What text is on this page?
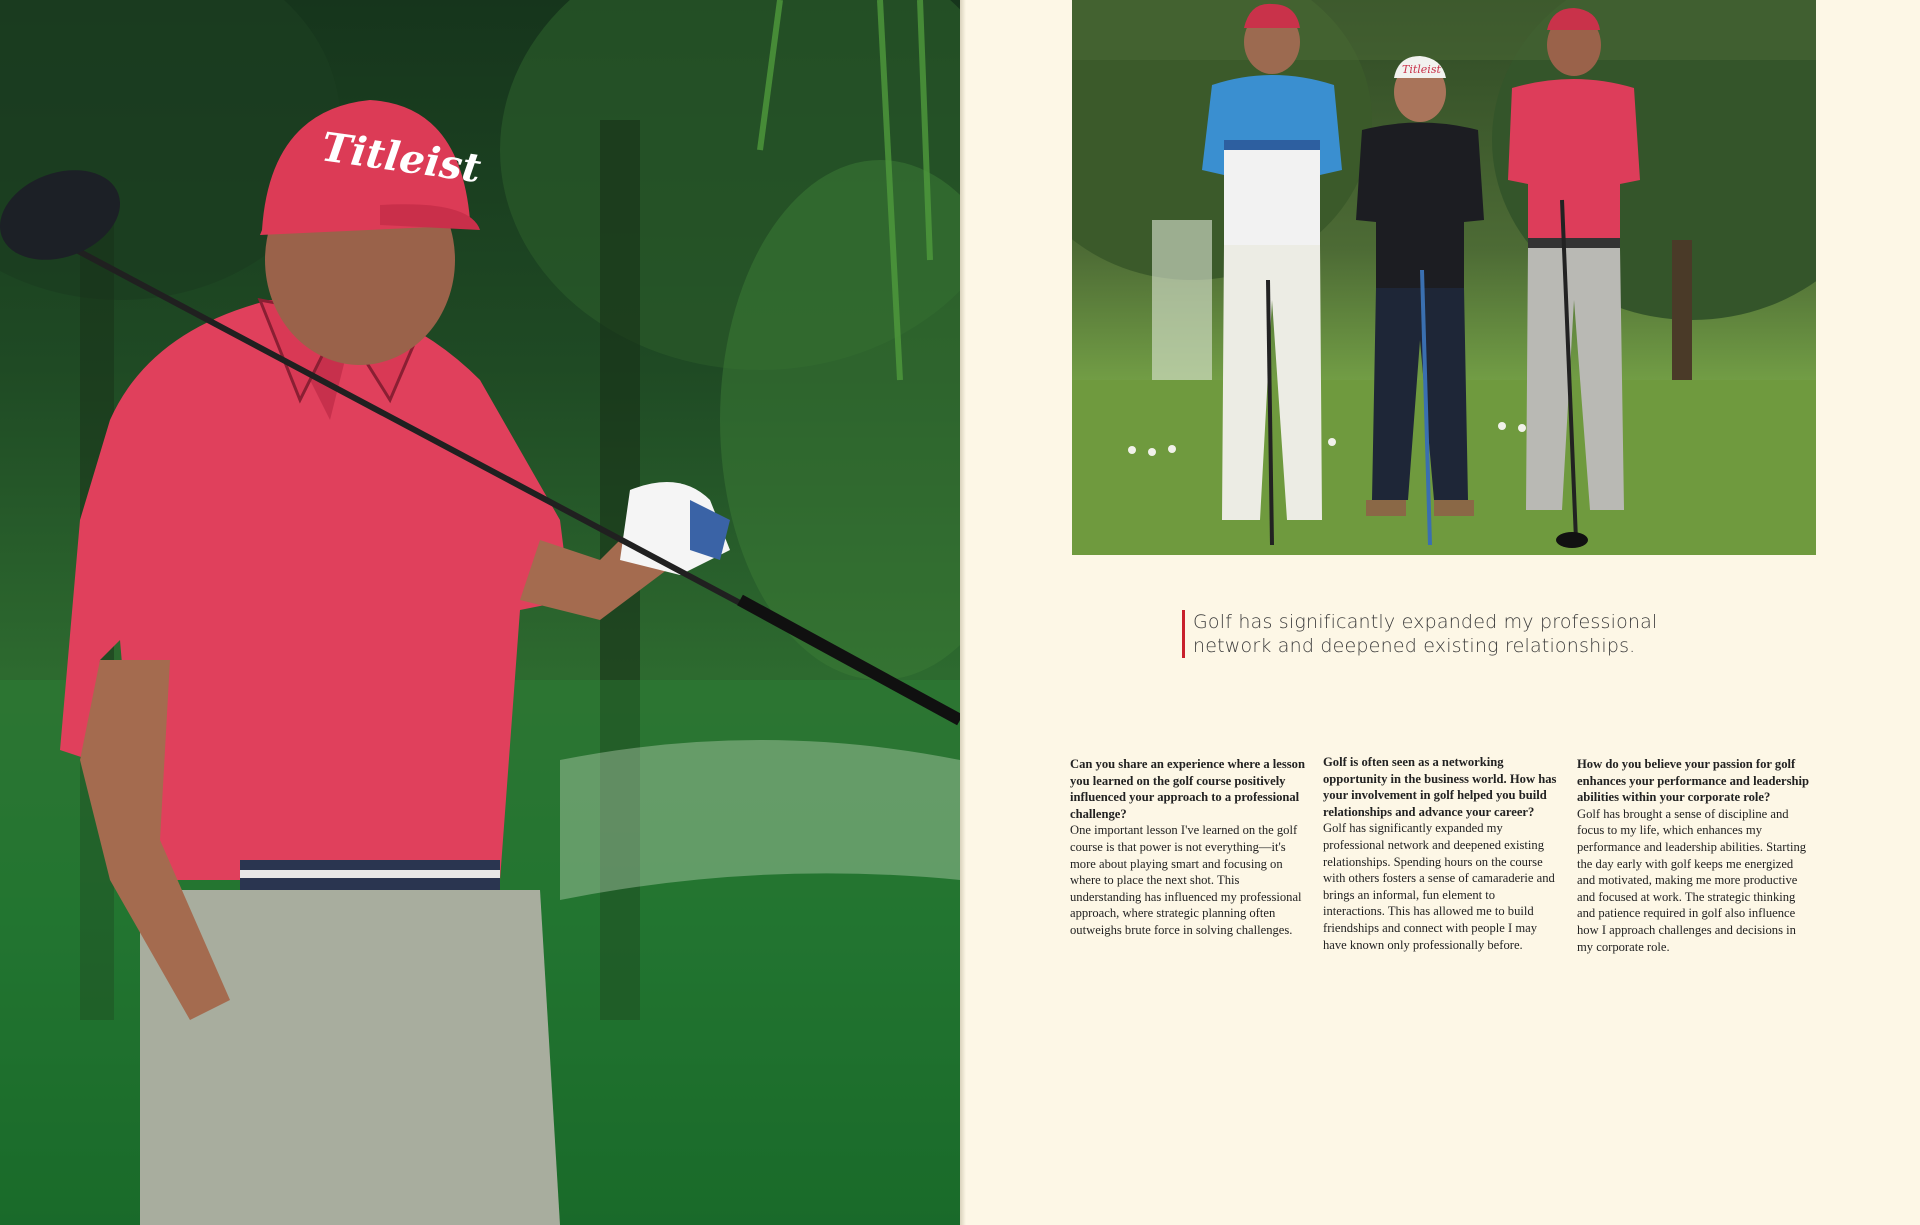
Titleist
Titleist
Golf has significantly expanded my professional network and deepened existing relationships.
Can you share an experience where a lesson you learned on the golf course positively influenced your approach to a professional challenge?
One important lesson I've learned on the golf course is that power is not everything—it's more about playing smart and focusing on where to place the next shot. This understanding has influenced my professional approach, where strategic planning often outweighs brute force in solving challenges.
Golf is often seen as a networking opportunity in the business world. How has your involvement in golf helped you build relationships and advance your career?
Golf has significantly expanded my professional network and deepened existing relationships. Spending hours on the course with others fosters a sense of camaraderie and brings an informal, fun element to interactions. This has allowed me to build friendships and connect with people I may have known only professionally before.
How do you believe your passion for golf enhances your performance and leadership abilities within your corporate role?
Golf has brought a sense of discipline and focus to my life, which enhances my performance and leadership abilities. Starting the day early with golf keeps me energized and motivated, making me more productive and focused at work. The strategic thinking and patience required in golf also influence how I approach challenges and decisions in my corporate role.
